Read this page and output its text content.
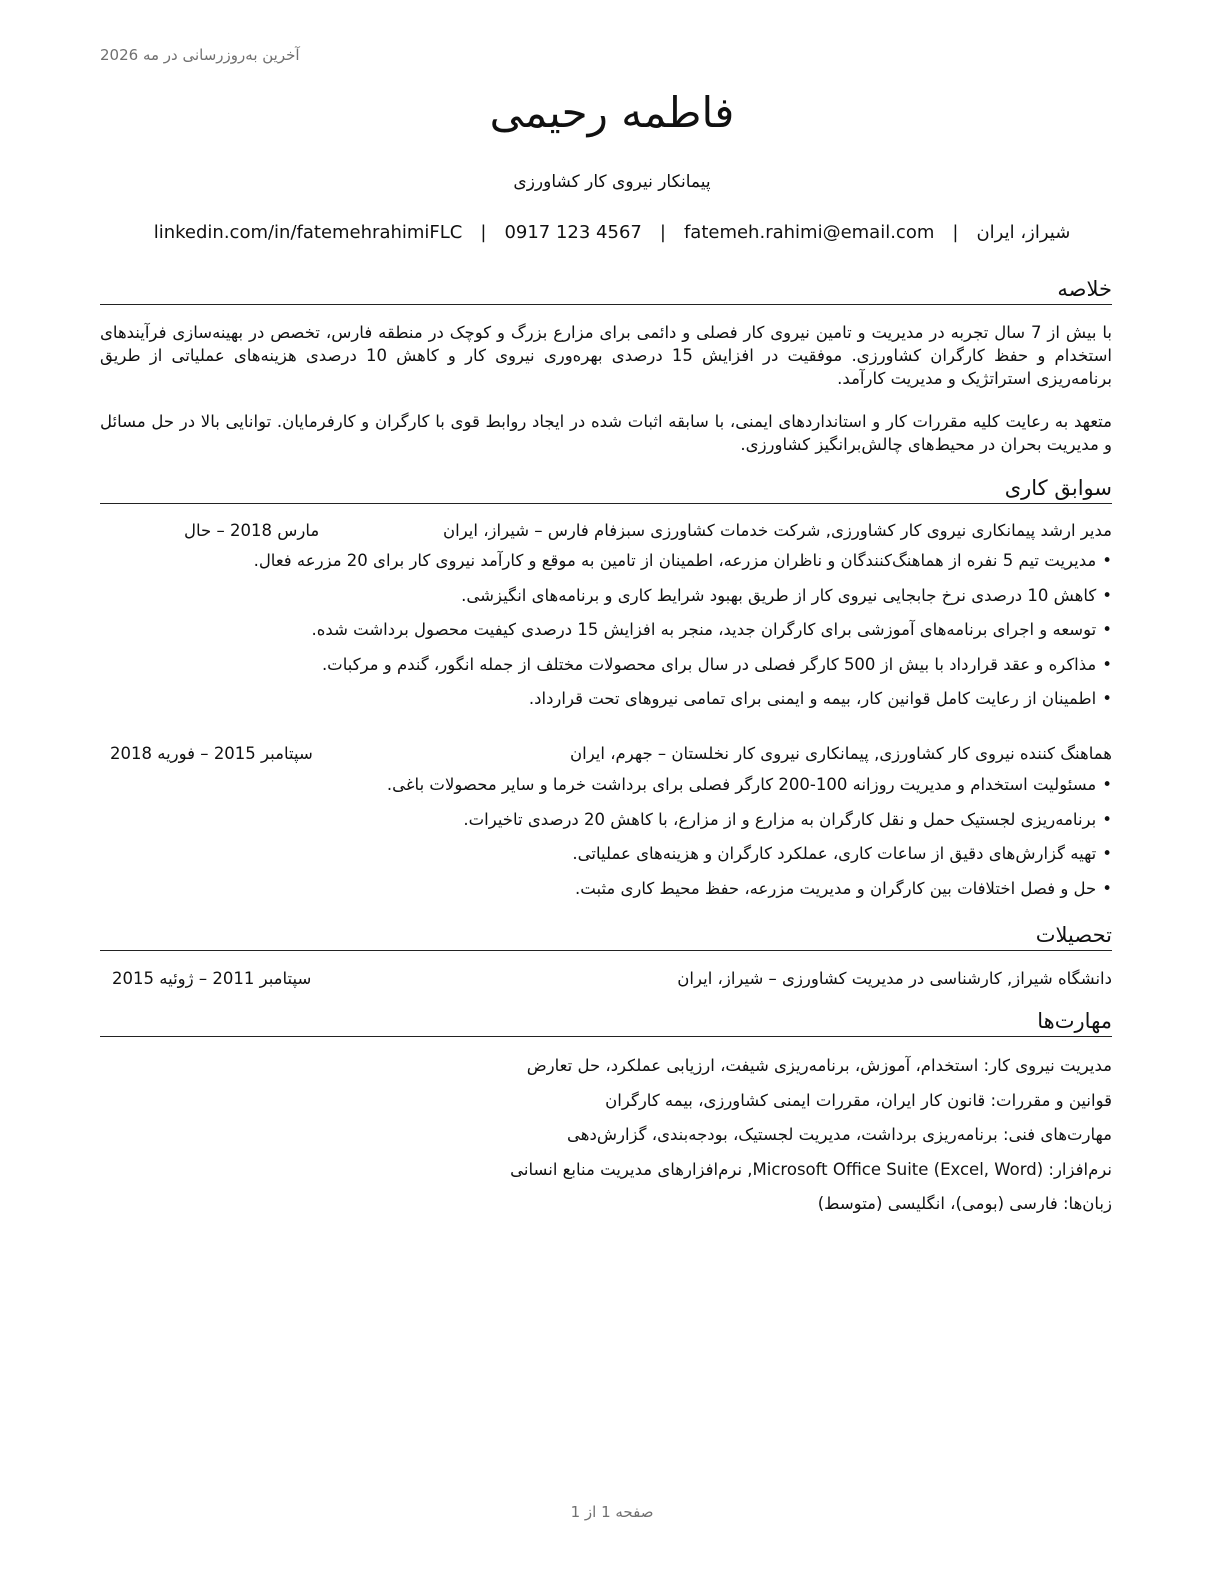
آخرین به‌روزرسانی در مه 2026
فاطمه رحیمی
پیمانکار نیروی کار کشاورزی
شیراز، ایران
|
fatemeh.rahimi@email.com
|
0917 123 4567
|
linkedin.com/in/fatemehrahimiFLC
خلاصه
با بیش از 7 سال تجربه در مدیریت و تامین نیروی کار فصلی و دائمی برای مزارع بزرگ و کوچک در منطقه فارس، تخصص در بهینه‌سازی فرآیندهای استخدام و حفظ کارگران کشاورزی. موفقیت در افزایش 15 درصدی بهره‌وری نیروی کار و کاهش 10 درصدی هزینه‌های عملیاتی از طریق برنامه‌ریزی استراتژیک و مدیریت کارآمد.
متعهد به رعایت کلیه مقررات کار و استانداردهای ایمنی، با سابقه اثبات شده در ایجاد روابط قوی با کارگران و کارفرمایان. توانایی بالا در حل مسائل و مدیریت بحران در محیط‌های چالش‌برانگیز کشاورزی.
سوابق کاری
مدیر ارشد پیمانکاری نیروی کار کشاورزی, شرکت خدمات کشاورزی سبزفام فارس – شیراز، ایران
مارس 2018 – حال
•مدیریت تیم 5 نفره از هماهنگ‌کنندگان و ناظران مزرعه، اطمینان از تامین به موقع و کارآمد نیروی کار برای 20 مزرعه فعال.
•کاهش 10 درصدی نرخ جابجایی نیروی کار از طریق بهبود شرایط کاری و برنامه‌های انگیزشی.
•توسعه و اجرای برنامه‌های آموزشی برای کارگران جدید، منجر به افزایش 15 درصدی کیفیت محصول برداشت شده.
•مذاکره و عقد قرارداد با بیش از 500 کارگر فصلی در سال برای محصولات مختلف از جمله انگور، گندم و مرکبات.
•اطمینان از رعایت کامل قوانین کار، بیمه و ایمنی برای تمامی نیروهای تحت قرارداد.
هماهنگ کننده نیروی کار کشاورزی, پیمانکاری نیروی کار نخلستان – جهرم، ایران
سپتامبر 2015 – فوریه 2018
•مسئولیت استخدام و مدیریت روزانه 100-200 کارگر فصلی برای برداشت خرما و سایر محصولات باغی.
•برنامه‌ریزی لجستیک حمل و نقل کارگران به مزارع و از مزارع، با کاهش 20 درصدی تاخیرات.
•تهیه گزارش‌های دقیق از ساعات کاری، عملکرد کارگران و هزینه‌های عملیاتی.
•حل و فصل اختلافات بین کارگران و مدیریت مزرعه، حفظ محیط کاری مثبت.
تحصیلات
دانشگاه شیراز, کارشناسی در مدیریت کشاورزی – شیراز، ایران
سپتامبر 2011 – ژوئیه 2015
مهارت‌ها
مدیریت نیروی کار: استخدام، آموزش، برنامه‌ریزی شیفت، ارزیابی عملکرد، حل تعارض
قوانین و مقررات: قانون کار ایران، مقررات ایمنی کشاورزی، بیمه کارگران
مهارت‌های فنی: برنامه‌ریزی برداشت، مدیریت لجستیک، بودجه‌بندی، گزارش‌دهی
نرم‌افزار: Microsoft Office Suite (Excel, Word), نرم‌افزارهای مدیریت منابع انسانی
زبان‌ها: فارسی (بومی)، انگلیسی (متوسط)
صفحه 1 از 1
